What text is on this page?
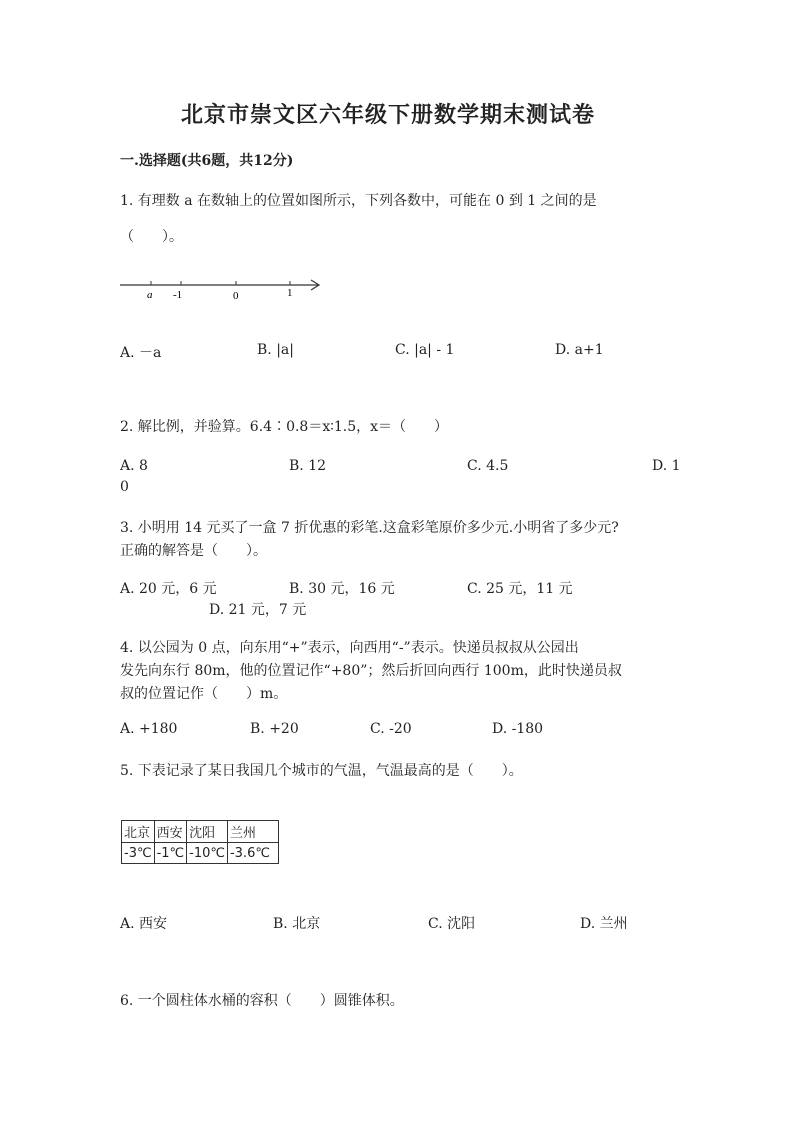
北京市崇文区六年级下册数学期末测试卷
一.选择题(共6题，共12分)
1. 有理数 a 在数轴上的位置如图所示，下列各数中，可能在 0 到 1 之间的是
（　　）。
a -1	0	1
A. －a	B. |a|	C. |a| - 1	D. a+1
2. 解比例，并验算。6.4∶0.8＝x∶1.5，x＝（　　）
A. 8	B. 12	C. 4.5	D. 1
0
3. 小明用 14 元买了一盒 7 折优惠的彩笔.这盒彩笔原价多少元.小明省了多少元?
正确的解答是（　　）。
A. 20 元，6 元	B. 30 元，16 元	C. 25 元，11 元
D. 21 元，7 元
4. 以公园为 0 点，向东用“+”表示，向西用“-”表示。快递员叔叔从公园出
发先向东行 80m，他的位置记作“+80”；然后折回向西行 100m，此时快递员叔
叔的位置记作（　　）m。
A. +180	B. +20	C. -20	D. -180
5. 下表记录了某日我国几个城市的气温，气温最高的是（　　）。
北京	西安	沈阳	兰州
-3℃	-1℃	-10℃	-3.6℃
A. 西安	B. 北京	C. 沈阳	D. 兰州
6. 一个圆柱体水桶的容积（　　）圆锥体积。
